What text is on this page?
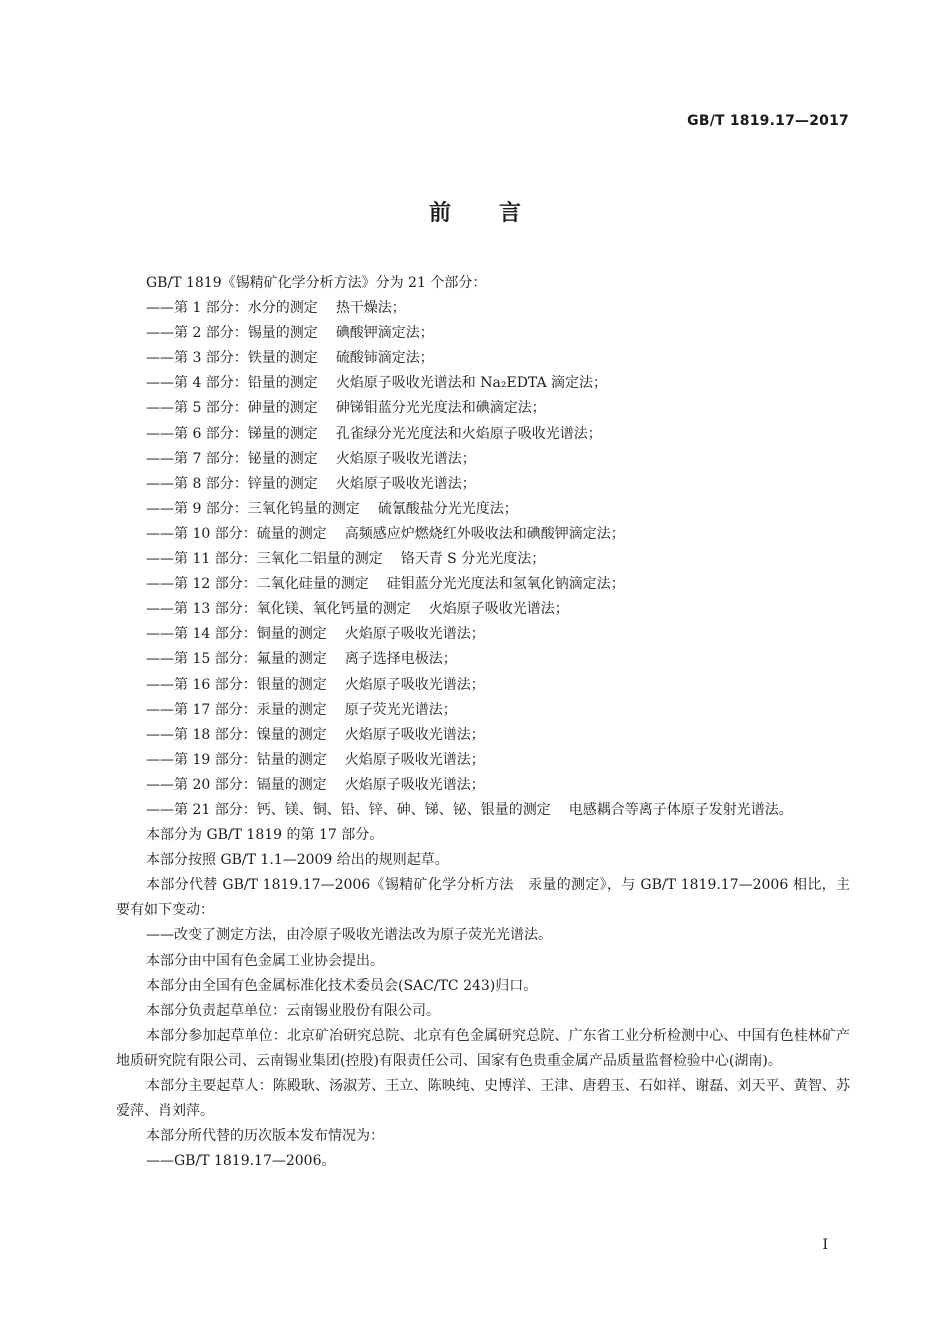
GB/T 1819.17—2017
前 言

GB/T 1819《锡精矿化学分析方法》分为 21 个部分：

——第 1 部分：水分的测定 热干燥法；
——第 2 部分：锡量的测定 碘酸钾滴定法；
——第 3 部分：铁量的测定 硫酸铈滴定法；
——第 4 部分：铅量的测定 火焰原子吸收光谱法和 Na₂EDTA 滴定法；
——第 5 部分：砷量的测定 砷锑钼蓝分光光度法和碘滴定法；
——第 6 部分：锑量的测定 孔雀绿分光光度法和火焰原子吸收光谱法；
——第 7 部分：铋量的测定 火焰原子吸收光谱法；
——第 8 部分：锌量的测定 火焰原子吸收光谱法；
——第 9 部分：三氧化钨量的测定 硫氰酸盐分光光度法；
——第 10 部分：硫量的测定 高频感应炉燃烧红外吸收法和碘酸钾滴定法；
——第 11 部分：三氧化二铝量的测定 铬天青 S 分光光度法；
——第 12 部分：二氧化硅量的测定 硅钼蓝分光光度法和氢氧化钠滴定法；
——第 13 部分：氧化镁、氧化钙量的测定 火焰原子吸收光谱法；
——第 14 部分：铜量的测定 火焰原子吸收光谱法；
——第 15 部分：氟量的测定 离子选择电极法；
——第 16 部分：银量的测定 火焰原子吸收光谱法；
——第 17 部分：汞量的测定 原子荧光光谱法；
——第 18 部分：镍量的测定 火焰原子吸收光谱法；
——第 19 部分：钴量的测定 火焰原子吸收光谱法；
——第 20 部分：镉量的测定 火焰原子吸收光谱法；
——第 21 部分：钙、镁、铜、铅、锌、砷、锑、铋、银量的测定 电感耦合等离子体原子发射光谱法。

本部分为 GB/T 1819 的第 17 部分。

本部分按照 GB/T 1.1—2009 给出的规则起草。

本部分代替 GB/T 1819.17—2006《锡精矿化学分析方法　汞量的测定》，与 GB/T 1819.17—2006 相比，主要有如下变动：

——改变了测定方法，由冷原子吸收光谱法改为原子荧光光谱法。

本部分由中国有色金属工业协会提出。

本部分由全国有色金属标准化技术委员会(SAC/TC 243)归口。

本部分负责起草单位：云南锡业股份有限公司。

本部分参加起草单位：北京矿冶研究总院、北京有色金属研究总院、广东省工业分析检测中心、中国有色桂林矿产地质研究院有限公司、云南锡业集团(控股)有限责任公司、国家有色贵重金属产品质量监督检验中心(湖南)。

本部分主要起草人：陈殿耿、汤淑芳、王立、陈映纯、史博洋、王津、唐碧玉、石如祥、谢磊、刘天平、黄智、苏爱萍、肖刘萍。

本部分所代替的历次版本发布情况为：

——GB/T 1819.17—2006。

I
